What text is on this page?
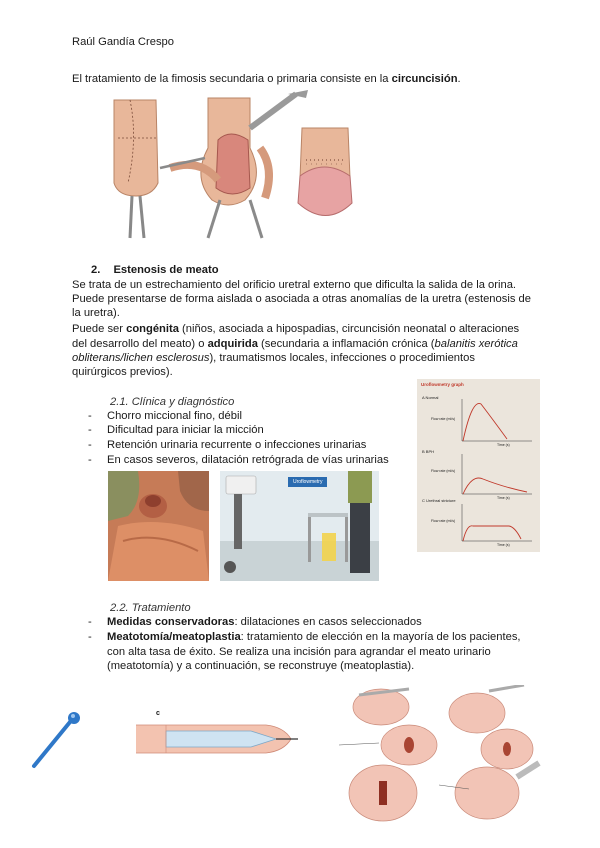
Raúl Gandía Crespo
El tratamiento de la fimosis secundaria o primaria consiste en la circuncisión.
2. Estenosis de meato
Se trata de un estrechamiento del orificio uretral externo que dificulta la salida de la orina.
Puede presentarse de forma aislada o asociada a otras anomalías de la uretra (estenosis de
la uretra).
Puede ser congénita (niños, asociada a hipospadias, circuncisión neonatal o alteraciones
del desarrollo del meato) o adquirida (secundaria a inflamación crónica (balanitis xerótica
obliterans/lichen esclerosus), traumatismos locales, infecciones o procedimientos
quirúrgicos previos).
2.1. Clínica y diagnóstico
- Chorro miccional fino, débil
- Dificultad para iniciar la micción
- Retención urinaria recurrente o infecciones urinarias
- En casos severos, dilatación retrógrada de vías urinarias
Uroflowmetry graph
A Normal
Flow rate (ml/s)
Time (s)
B BPH
Flow rate (ml/s)
Time (s)
C Urethral stricture
Flow rate (ml/s)
Time (s)
Uroflowmetry
2.2. Tratamiento
- Medidas conservadoras: dilataciones en casos seleccionados
- Meatotomía/meatoplastia: tratamiento de elección en la mayoría de los pacientes,
con alta tasa de éxito. Se realiza una incisión para agrandar el meato urinario
(meatotomía) y a continuación, se reconstruye (meatoplastia).
c
